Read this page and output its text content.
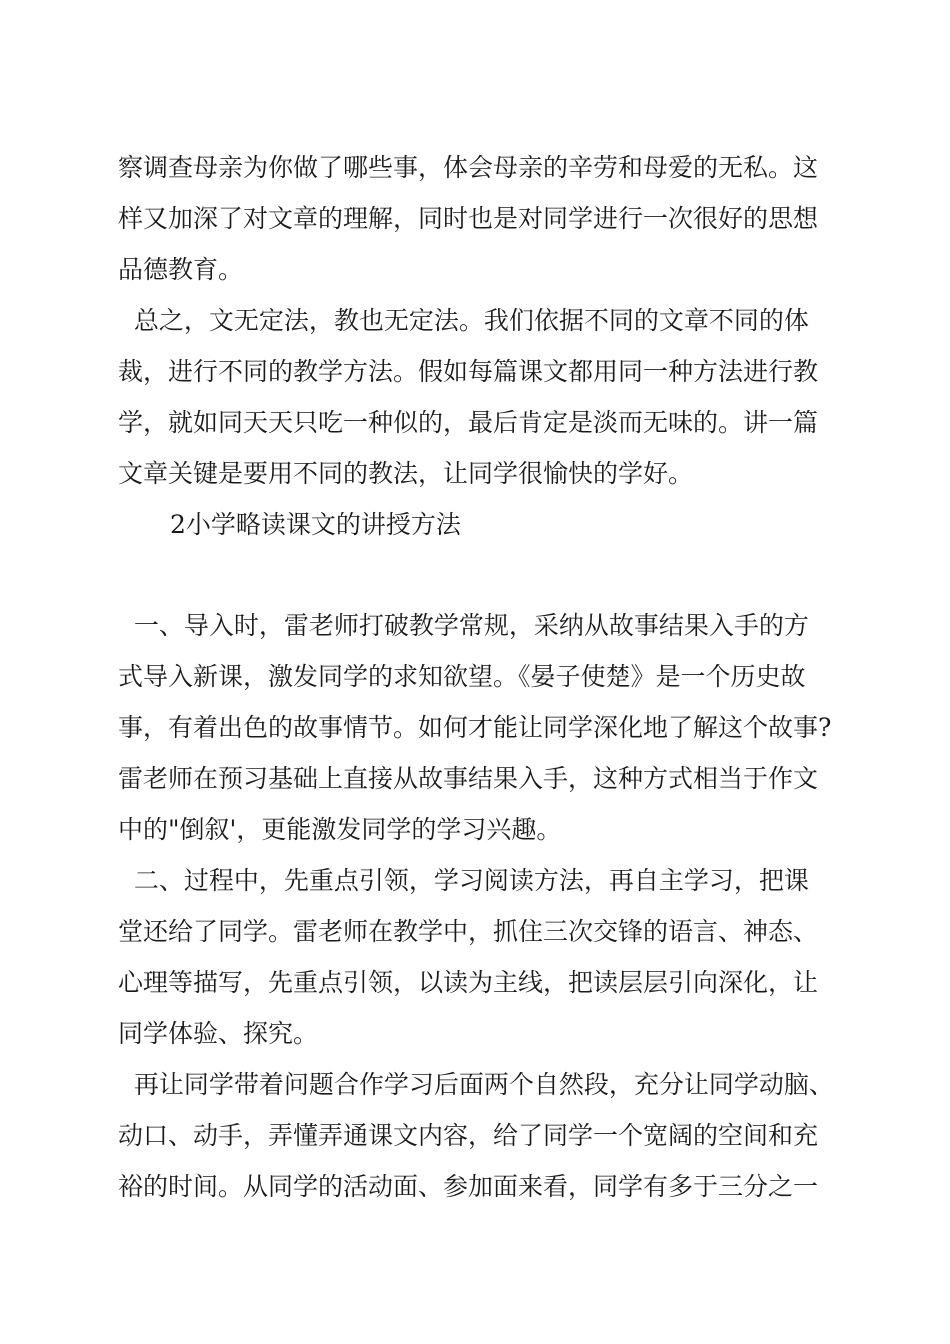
察调查母亲为你做了哪些事，体会母亲的辛劳和母爱的无私。这
样又加深了对文章的理解，同时也是对同学进行一次很好的思想
品德教育。
总之，文无定法，教也无定法。我们依据不同的文章不同的体
裁，进行不同的教学方法。假如每篇课文都用同一种方法进行教
学，就如同天天只吃一种似的，最后肯定是淡而无味的。讲一篇
文章关键是要用不同的教法，让同学很愉快的学好。
2小学略读课文的讲授方法
一、导入时，雷老师打破教学常规，采纳从故事结果入手的方
式导入新课，激发同学的求知欲望。《晏子使楚》是一个历史故
事，有着出色的故事情节。如何才能让同学深化地了解这个故事?
雷老师在预习基础上直接从故事结果入手，这种方式相当于作文
中的"倒叙'，更能激发同学的学习兴趣。
二、过程中，先重点引领，学习阅读方法，再自主学习，把课
堂还给了同学。雷老师在教学中，抓住三次交锋的语言、神态、
心理等描写，先重点引领，以读为主线，把读层层引向深化，让
同学体验、探究。
再让同学带着问题合作学习后面两个自然段，充分让同学动脑、
动口、动手，弄懂弄通课文内容，给了同学一个宽阔的空间和充
裕的时间。从同学的活动面、参加面来看，同学有多于三分之一
